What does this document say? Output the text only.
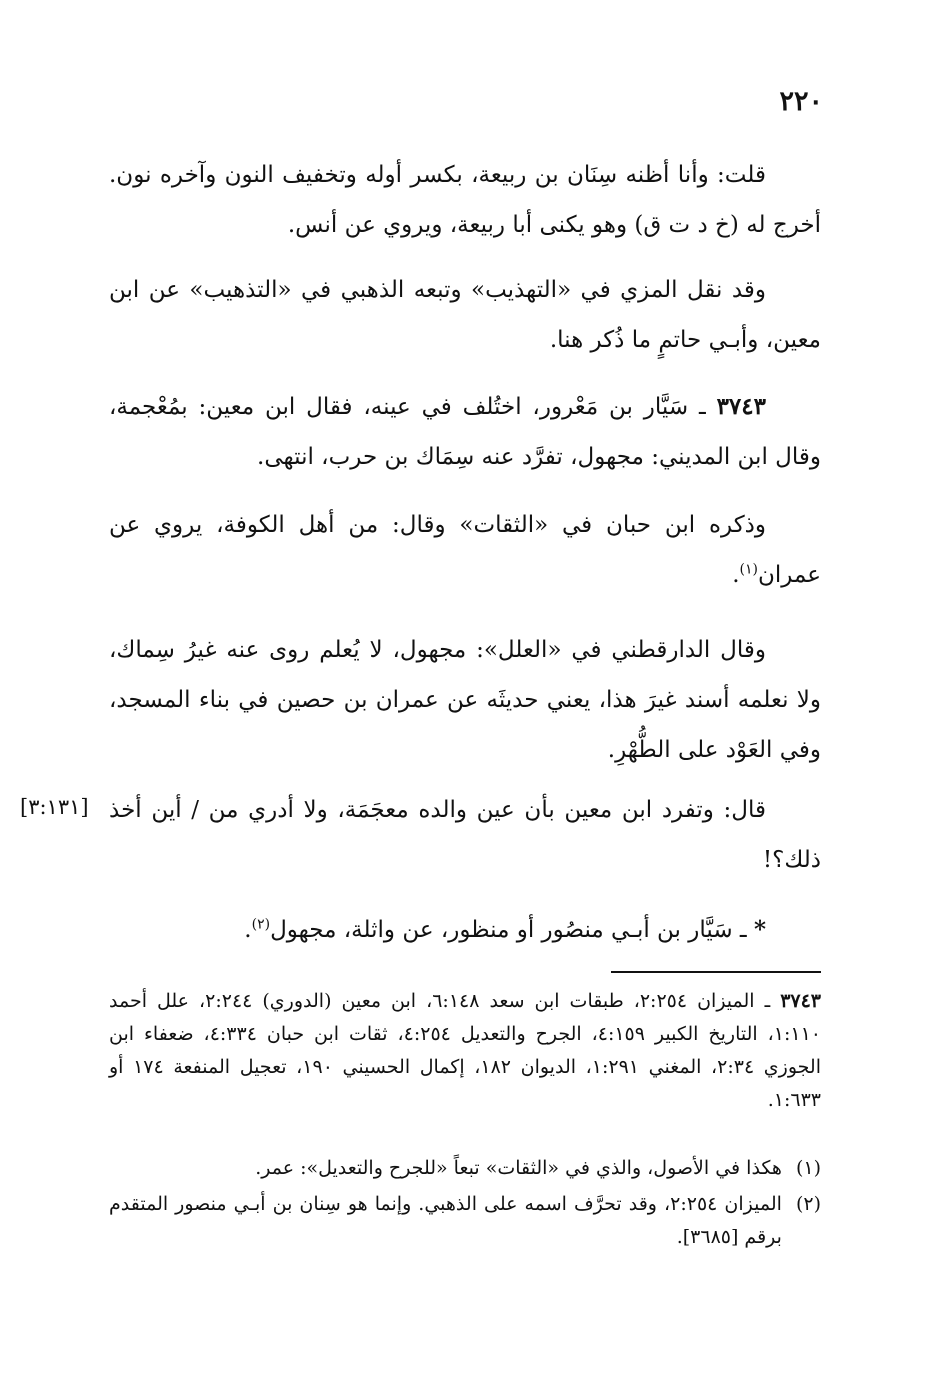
٢٢٠
قلت: وأنا أظنه سِنَان بن ربيعة، بكسر أوله وتخفيف النون وآخره نون. أخرج له (خ د ت ق) وهو يكنى أبا ربيعة، ويروي عن أنس.
وقد نقل المزي في «التهذيب» وتبعه الذهبي في «التذهيب» عن ابن معين، وأبـي حاتمٍ ما ذُكر هنا.
٣٧٤٣ ـ سَيَّار بن مَعْرور، اختُلف في عينه، فقال ابن معين: بمُعْجمة، وقال ابن المديني: مجهول، تفرَّد عنه سِمَاك بن حرب، انتهى.
وذكره ابن حبان في «الثقات» وقال: من أهل الكوفة، يروي عن عمران$^{(١)}$.
وقال الدارقطني في «العلل»: مجهول، لا يُعلم روى عنه غيرُ سِماك، ولا نعلمه أسند غيرَ هذا، يعني حديثَه عن عمران بن حصين في بناء المسجد، وفي العَوْد على الطُّهْرِ.
[٣:١٣١] قال: وتفرد ابن معين بأن عين والده معجَمَة، ولا أدري من / أين أخذ ذلك؟!
* ـ سَيَّار بن أبـي منصُور أو منظور، عن واثلة، مجهول$^{(٢)}$.
٣٧٤٣ ـ الميزان ٢:٢٥٤، طبقات ابن سعد ٦:١٤٨، ابن معين (الدوري) ٢:٢٤٤، علل أحمد ١:١١٠، التاريخ الكبير ٤:١٥٩، الجرح والتعديل ٤:٢٥٤، ثقات ابن حبان ٤:٣٣٤، ضعفاء ابن الجوزي ٢:٣٤، المغني ١:٢٩١، الديوان ١٨٢، إكمال الحسيني ١٩٠، تعجيل المنفعة ١٧٤ أو ١:٦٣٣.
(١)
هكذا في الأصول، والذي في «الثقات» تبعاً «للجرح والتعديل»: عمر.
(٢)
الميزان ٢:٢٥٤، وقد تحرَّف اسمه على الذهبي. وإنما هو سِنان بن أبـي منصور المتقدم برقم [٣٦٨٥].
